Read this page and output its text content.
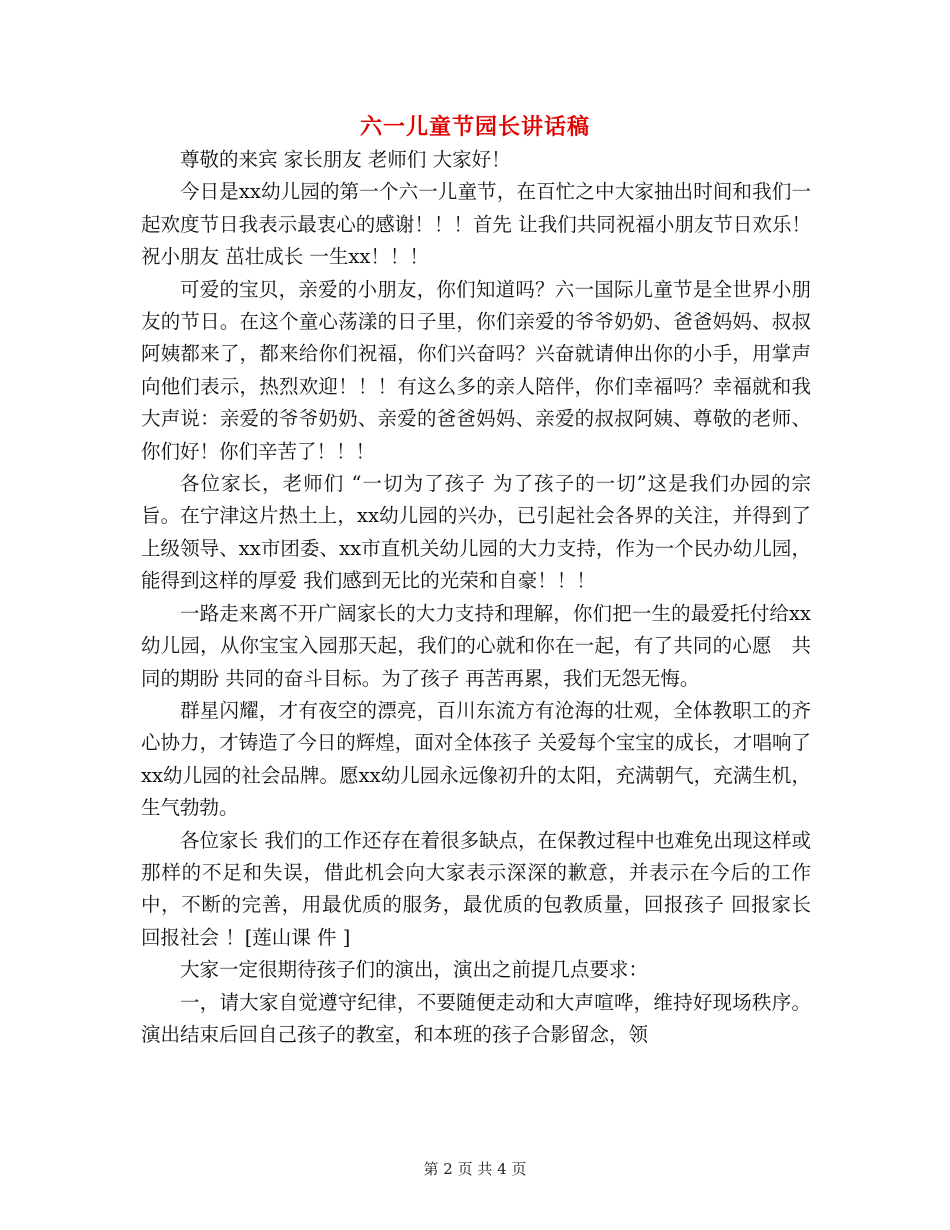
六一儿童节园长讲话稿

尊敬的来宾 家长朋友 老师们 大家好！

今日是xx幼儿园的第一个六一儿童节，在百忙之中大家抽出时间和我们一起欢度节日我表示最衷心的感谢！！！首先 让我们共同祝福小朋友节日欢乐！祝小朋友 茁壮成长 一生xx！！！

可爱的宝贝，亲爱的小朋友，你们知道吗？六一国际儿童节是全世界小朋友的节日。在这个童心荡漾的日子里，你们亲爱的爷爷奶奶、爸爸妈妈、叔叔阿姨都来了，都来给你们祝福，你们兴奋吗？兴奋就请伸出你的小手，用掌声向他们表示，热烈欢迎！！！有这么多的亲人陪伴，你们幸福吗？幸福就和我大声说：亲爱的爷爷奶奶、亲爱的爸爸妈妈、亲爱的叔叔阿姨、尊敬的老师、你们好！你们辛苦了！！！

各位家长，老师们 “一切为了孩子 为了孩子的一切”这是我们办园的宗旨。在宁津这片热土上，xx幼儿园的兴办，已引起社会各界的关注，并得到了上级领导、xx市团委、xx市直机关幼儿园的大力支持，作为一个民办幼儿园，能得到这样的厚爱 我们感到无比的光荣和自豪！！！

一路走来离不开广阔家长的大力支持和理解，你们把一生的最爱托付给xx幼儿园，从你宝宝入园那天起，我们的心就和你在一起，有了共同的心愿　共同的期盼 共同的奋斗目标。为了孩子 再苦再累，我们无怨无悔。

群星闪耀，才有夜空的漂亮，百川东流方有沧海的壮观，全体教职工的齐心协力，才铸造了今日的辉煌，面对全体孩子 关爱每个宝宝的成长，才唱响了xx幼儿园的社会品牌。愿xx幼儿园永远像初升的太阳，充满朝气，充满生机，生气勃勃。

各位家长 我们的工作还存在着很多缺点，在保教过程中也难免出现这样或那样的不足和失误，借此机会向大家表示深深的歉意，并表示在今后的工作中，不断的完善，用最优质的服务，最优质的包教质量，回报孩子 回报家长 回报社会 ！[莲山课 件 ]

大家一定很期待孩子们的演出，演出之前提几点要求：

一，请大家自觉遵守纪律，不要随便走动和大声喧哗，维持好现场秩序。演出结束后回自己孩子的教室，和本班的孩子合影留念，领

第 2 页 共 4 页
